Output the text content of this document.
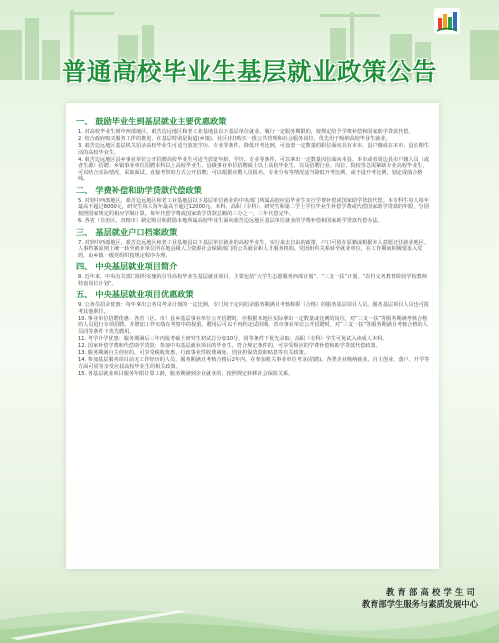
普通高校毕业生基层就业政策公告
一、 鼓励毕业生到基层就业主要优惠政策
1. 对高校毕业生到中西部地区、艰苦边远地区和老工业基地县以下基层单位就业、履行一定服务期限的，按规定给予学费补偿和国家助学贷款代偿。
2. 结合政府购买服务工作的推进，在基层特别是街道(乡镇)、社区(村)购买一批公共管理和社会服务岗位，优先用于吸纳高校毕业生就业。
3. 艰苦边远地区基层机关招录高校毕业生可适当放宽学历、专业等条件，降低开考比例，可设置一定数量的职位面向具有本市、县户籍或在本市、县长期生活的高校毕业生。
4. 艰苦边远地区县乡事业单位公开招聘高校毕业生可适当放宽年龄、学历、专业等条件，可以拿出一定数量岗位面向本县、本市或者周边县市户籍人员（或者生源）招聘；乡镇事业单位招聘本科以上高校毕业生、县级事业单位招聘硕士以上高校毕业生，以及招聘行业、岗位、院校等急需紧缺专业高校毕业生，可以结合实际情况，采取面试、直接考察的方式公开招聘；可以根据应聘人员报名、专业分布等情况适当降低开考比例，或不设开考比例，划定成绩合格线。
二、 学费补偿和助学贷款代偿政策
5. 对到中西部地区、艰苦边远地区和老工业基地县以下基层单位就业的中央部门所属高校应届毕业生实行学费补偿或国家助学贷款代偿。本专科生每人每年最高不超过8000元，研究生每人每年最高不超过12000元。本科、高职（专科）、研究生和第二学士学位毕业生补偿学费或代偿国家助学贷款的年限，分别按照国家规定的相应学制计算。每年代偿学费或国家助学贷款总额的三分之一，三年代偿完毕。
6. 各省（自治区、直辖市）制定吸引和鼓励本地所属高校毕业生面向艰苦边远地区基层单位就业的学费补偿和国家助学贷款代偿办法。
三、 基层就业户口档案政策
7. 对到中西部地区、艰苦边远地区和老工业基地县以下基层单位就业的高校毕业生，实行来去自由的政策，户口可留在原籍或根据本人意愿迁往就业地区。人事档案原则上统一转至就业单位所在地县级人力资源社会保障部门的公共就业和人才服务机构。党团组织关系转至就业单位，在工作期间积极要求入党的，由乡镇一级党组织按规定程序办理。
四、 中央基层就业项目简介
8. 近年来，中央有关部门组织实施的引导高校毕业生基层就业项目，主要包括“大学生志愿服务西部计划”、“三支一扶”计划、“农村义务教育阶段学校教师特设岗位计划”。
五、 中央基层就业项目优惠政策
9. 公务员招录优惠：每年拿出公务员考录计划的一定比例，专门用于定向招录服务期满且考核称职（合格）的服务基层项目人员。服务基层项目人员也可报考其他职位。
10. 事业单位招聘优惠：各省（区、市）县乡基层事业单位公开招聘时，应根据本地区实际拿出一定数量或比例的岗位，对“三支一扶”等服务期满考核合格的人员进行专项招聘，并增加工作实绩在考察中的权重。聘用后可以不再约定试用期。省市事业单位公开招聘时，对“三支一扶”等服务期满且考核合格的人员同等条件下优先聘用。
11. 考学升学优惠：服务期满后三年内报考硕士研究生初试总分加10分，同等条件下优先录取；高职（专科）学生可免试入读成人本科。
12. 国家补偿学费和代偿助学贷款：参加中央基层就业项目的毕业生，符合规定条件的，可享受相应的学费补偿和助学贷款代偿政策。
13. 服务期满自主创业的，可享受税收优惠、行政事业性收费减免、创业担保贷款和贴息等有关政策。
14. 参加基层服务项目前无工作经历的人员，服务期满且考核合格后2年内，在参加机关事业单位考录(招聘)、各类企业吸纳就业、自主创业、落户、升学等方面可同等享受应届高校毕业生的相关政策。
15. 各基层就业项目服务年限计算工龄，服务期满到企业就业的，按照规定转移社会保险关系。
教育部高校学生司
教育部学生服务与素质发展中心
